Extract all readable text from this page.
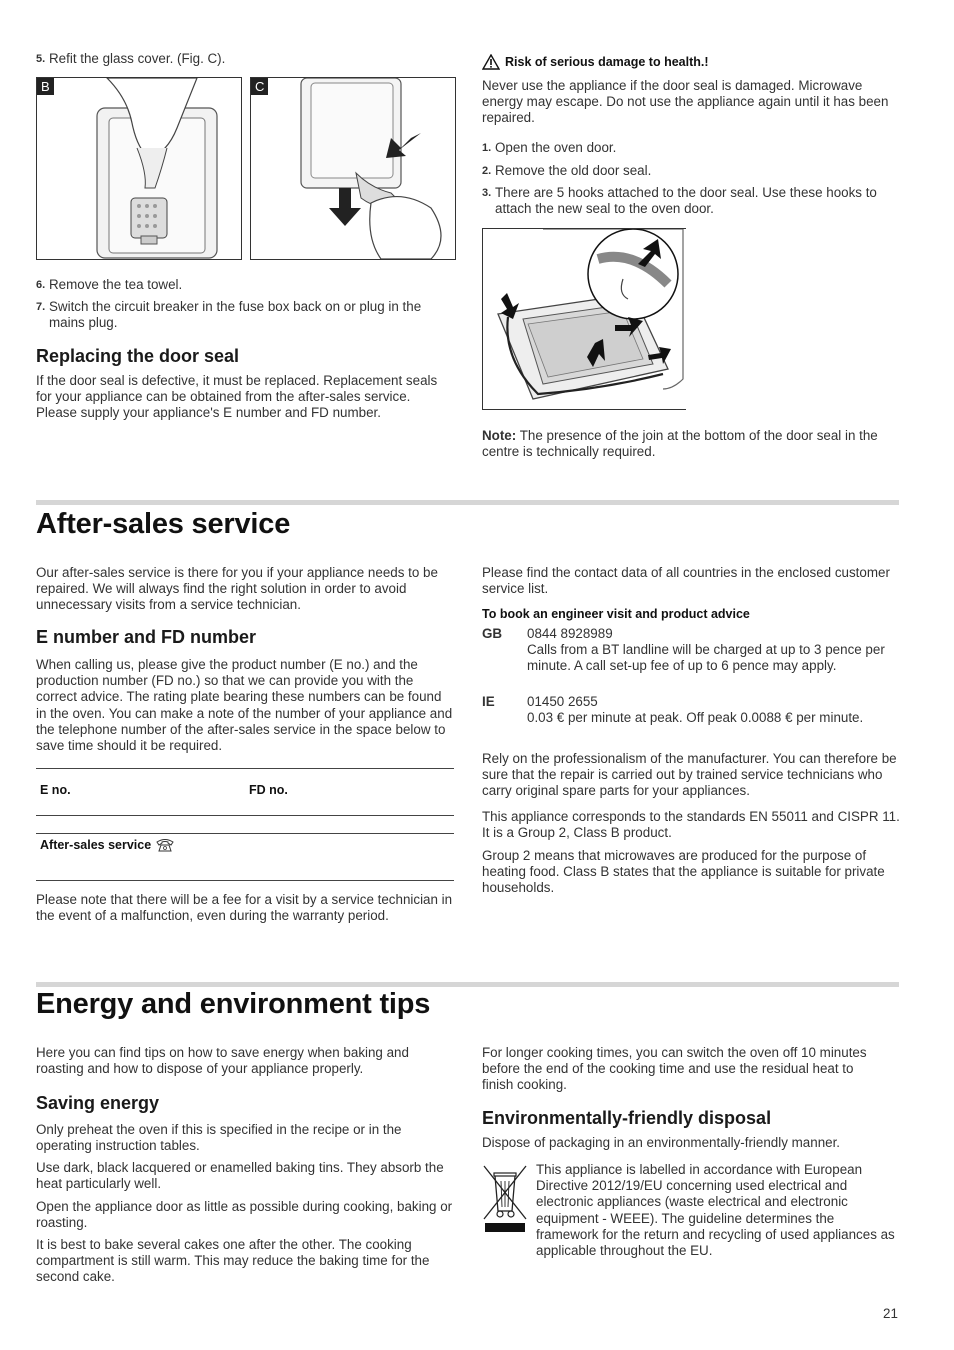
5. Refit the glass cover. (Fig. C).
B	C
6. Remove the tea towel.
7. Switch the circuit breaker in the fuse box back on or plug in the mains plug.
Replacing the door seal

If the door seal is defective, it must be replaced. Replacement seals for your appliance can be obtained from the after-sales service. Please supply your appliance's E number and FD number.

Risk of serious damage to health.!

Never use the appliance if the door seal is damaged. Microwave energy may escape. Do not use the appliance again until it has been repaired.

1. Open the oven door.
2. Remove the old door seal.
3. There are 5 hooks attached to the door seal. Use these hooks to attach the new seal to the oven door.

Note: The presence of the join at the bottom of the door seal in the centre is technically required.

After-sales service

Our after-sales service is there for you if your appliance needs to be repaired. We will always find the right solution in order to avoid unnecessary visits from a service technician.

E number and FD number

When calling us, please give the product number (E no.) and the production number (FD no.) so that we can provide you with the correct advice. The rating plate bearing these numbers can be found in the oven. You can make a note of the number of your appliance and the telephone number of the after-sales service in the space below to save time should it be required.

E no.	FD no.
After-sales service

Please note that there will be a fee for a visit by a service technician in the event of a malfunction, even during the warranty period.

Please find the contact data of all countries in the enclosed customer service list.

To book an engineer visit and product advice
GB 0844 8928989
Calls from a BT landline will be charged at up to 3 pence per minute. A call set-up fee of up to 6 pence may apply.
IE 01450 2655
0.03 € per minute at peak. Off peak 0.0088 € per minute.

Rely on the professionalism of the manufacturer. You can therefore be sure that the repair is carried out by trained service technicians who carry original spare parts for your appliances.

This appliance corresponds to the standards EN 55011 and CISPR 11. It is a Group 2, Class B product.

Group 2 means that microwaves are produced for the purpose of heating food. Class B states that the appliance is suitable for private households.

Energy and environment tips

Here you can find tips on how to save energy when baking and roasting and how to dispose of your appliance properly.

Saving energy

Only preheat the oven if this is specified in the recipe or in the operating instruction tables.

Use dark, black lacquered or enamelled baking tins. They absorb the heat particularly well.

Open the appliance door as little as possible during cooking, baking or roasting.

It is best to bake several cakes one after the other. The cooking compartment is still warm. This may reduce the baking time for the second cake.

For longer cooking times, you can switch the oven off 10 minutes before the end of the cooking time and use the residual heat to finish cooking.

Environmentally-friendly disposal

Dispose of packaging in an environmentally-friendly manner.

This appliance is labelled in accordance with European Directive 2012/19/EU concerning used electrical and electronic appliances (waste electrical and electronic equipment - WEEE). The guideline determines the framework for the return and recycling of used appliances as applicable throughout the EU.

21
